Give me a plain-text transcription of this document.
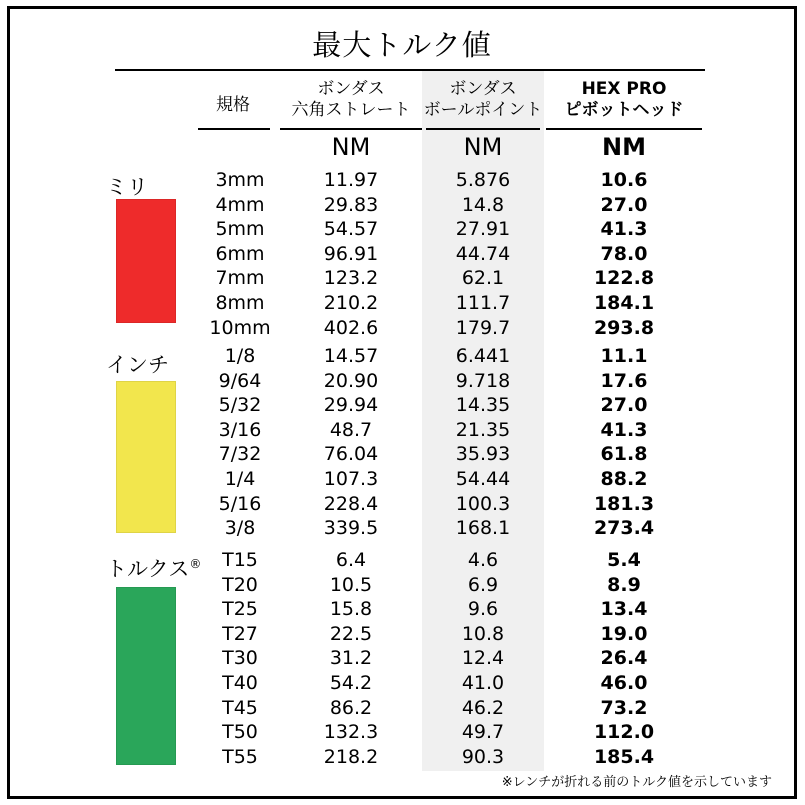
最大トルク値
規格
ボンダス
六角ストレート
ボンダス
ボールポイント
HEX PRO
ピボットヘッド
NM	NM	NM
ミリ	3mm	11.97	5.876	10.6
4mm	29.83	14.8	27.0
5mm	54.57	27.91	41.3
6mm	96.91	44.74	78.0
7mm	123.2	62.1	122.8
8mm	210.2	111.7	184.1
10mm	402.6	179.7	293.8
インチ	1/8	14.57	6.441	11.1
9/64	20.90	9.718	17.6
5/32	29.94	14.35	27.0
3/16	48.7	21.35	41.3
7/32	76.04	35.93	61.8
1/4	107.3	54.44	88.2
5/16	228.4	100.3	181.3
3/8	339.5	168.1	273.4
トルクス®	T15	6.4	4.6	5.4
T20	10.5	6.9	8.9
T25	15.8	9.6	13.4
T27	22.5	10.8	19.0
T30	31.2	12.4	26.4
T40	54.2	41.0	46.0
T45	86.2	46.2	73.2
T50	132.3	49.7	112.0
T55	218.2	90.3	185.4
※レンチが折れる前のトルク値を示しています
